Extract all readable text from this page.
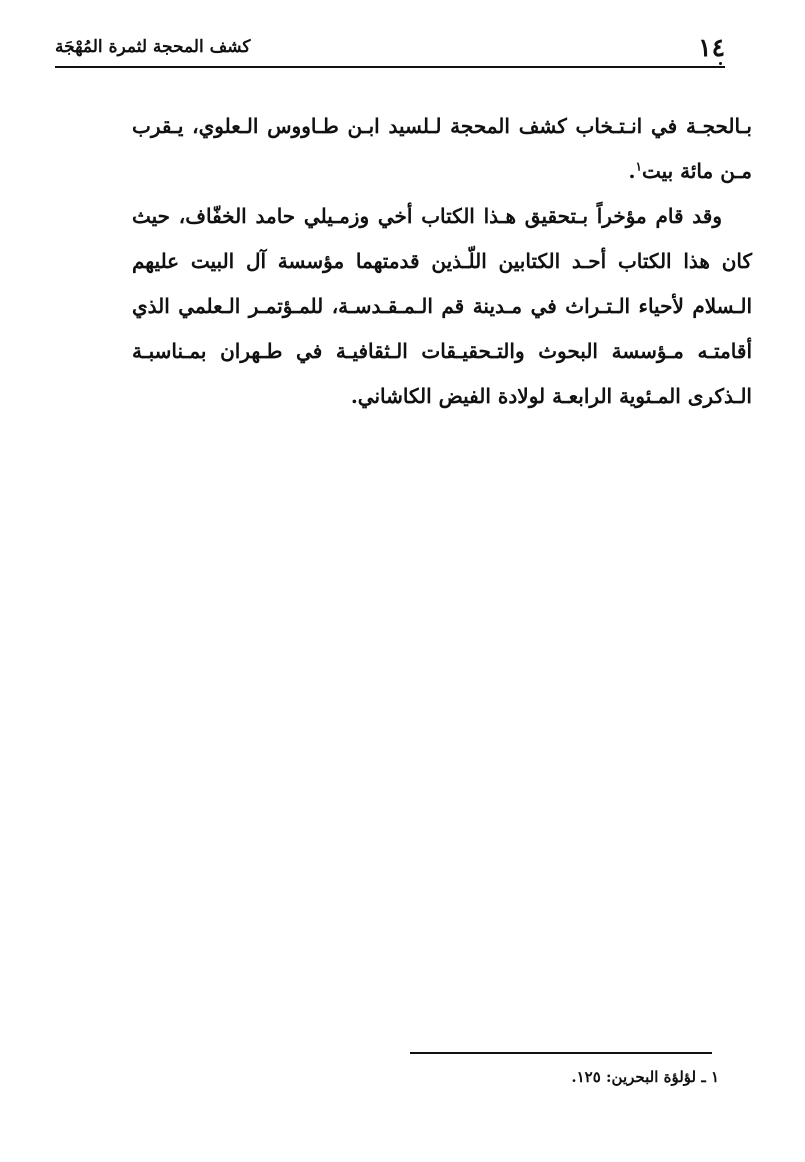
١٤
كشف المحجة لثمرة المُهْجَة

بـالحجـة في انـتـخاب كشف المحجة لـلسيد ابـن طـاووس الـعلوي، يـقرب مـن مائة بيت$^١$.

وقد قام مؤخراً بـتحقيق هـذا الكتاب أخي وزمـيلي حامد الخفّاف، حيث كان هذا الكتاب أحـد الكتابين اللّـذين قدمتهما مؤسسة آل البيت عليهم الـسلام لأحياء الـتـراث في مـدينة قم الـمـقـدسـة، للمـؤتمـر الـعلمي الذي أقامتـه مـؤسسة البحوث والتـحقيـقات الـثقافيـة في طـهران بمـناسبـة الـذكرى المـئوية الرابعـة لولادة الفيض الكاشاني.

١ ـ لؤلؤة البحرين: ١٢٥.
